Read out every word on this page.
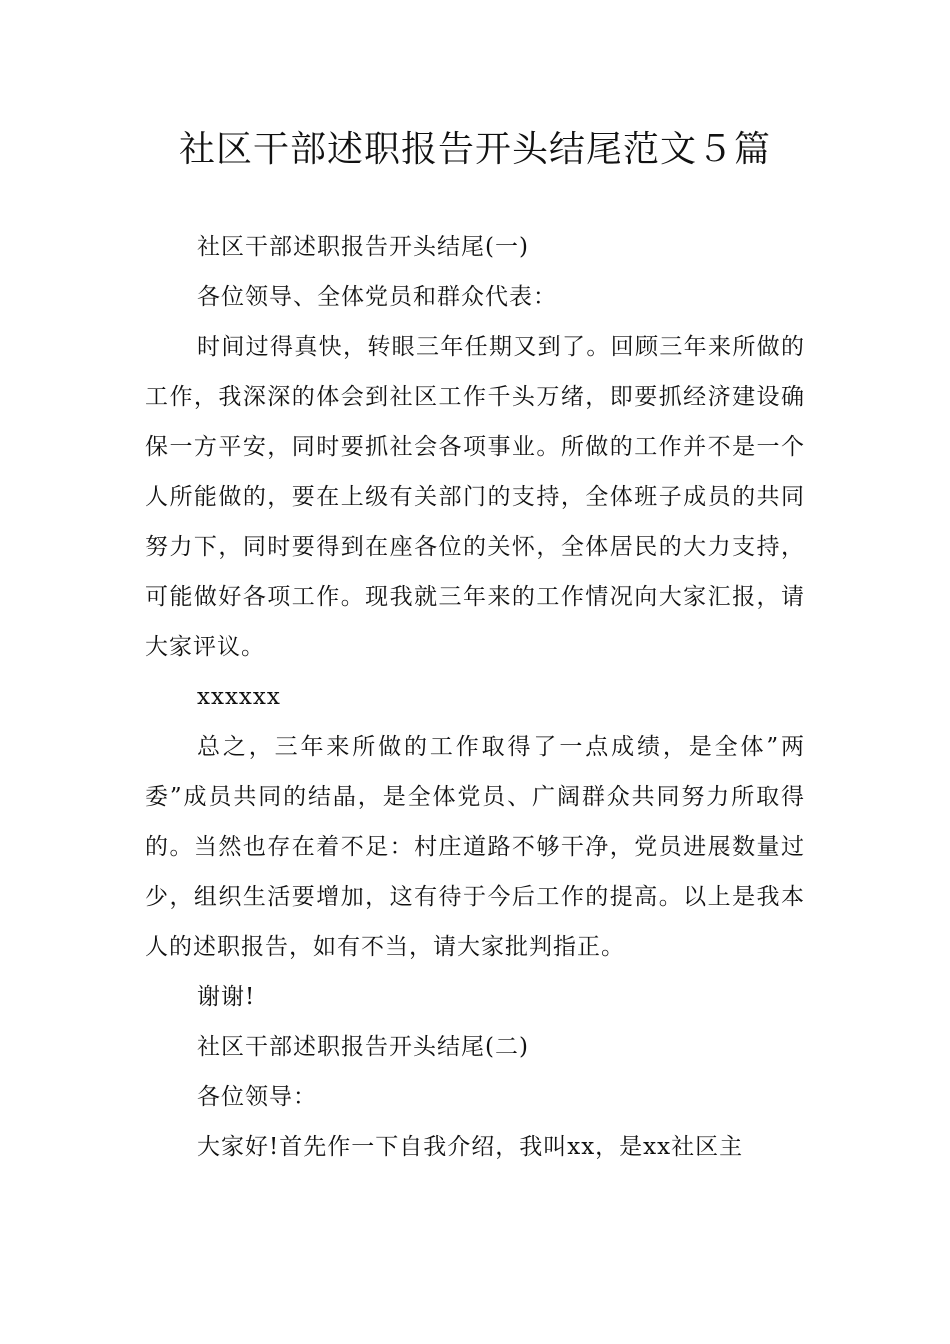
社区干部述职报告开头结尾范文５篇

社区干部述职报告开头结尾(一)

各位领导、全体党员和群众代表：

时间过得真快，转眼三年任期又到了。回顾三年来所做的工作，我深深的体会到社区工作千头万绪，即要抓经济建设确保一方平安，同时要抓社会各项事业。所做的工作并不是一个人所能做的，要在上级有关部门的支持，全体班子成员的共同努力下，同时要得到在座各位的关怀，全体居民的大力支持，可能做好各项工作。现我就三年来的工作情况向大家汇报，请大家评议。

xxxxxx

总之，三年来所做的工作取得了一点成绩，是全体”两委”成员共同的结晶，是全体党员、广阔群众共同努力所取得的。当然也存在着不足：村庄道路不够干净，党员进展数量过少，组织生活要增加，这有待于今后工作的提高。以上是我本人的述职报告，如有不当，请大家批判指正。

谢谢!

社区干部述职报告开头结尾(二)

各位领导：

大家好!首先作一下自我介绍，我叫xx，是xx社区主
